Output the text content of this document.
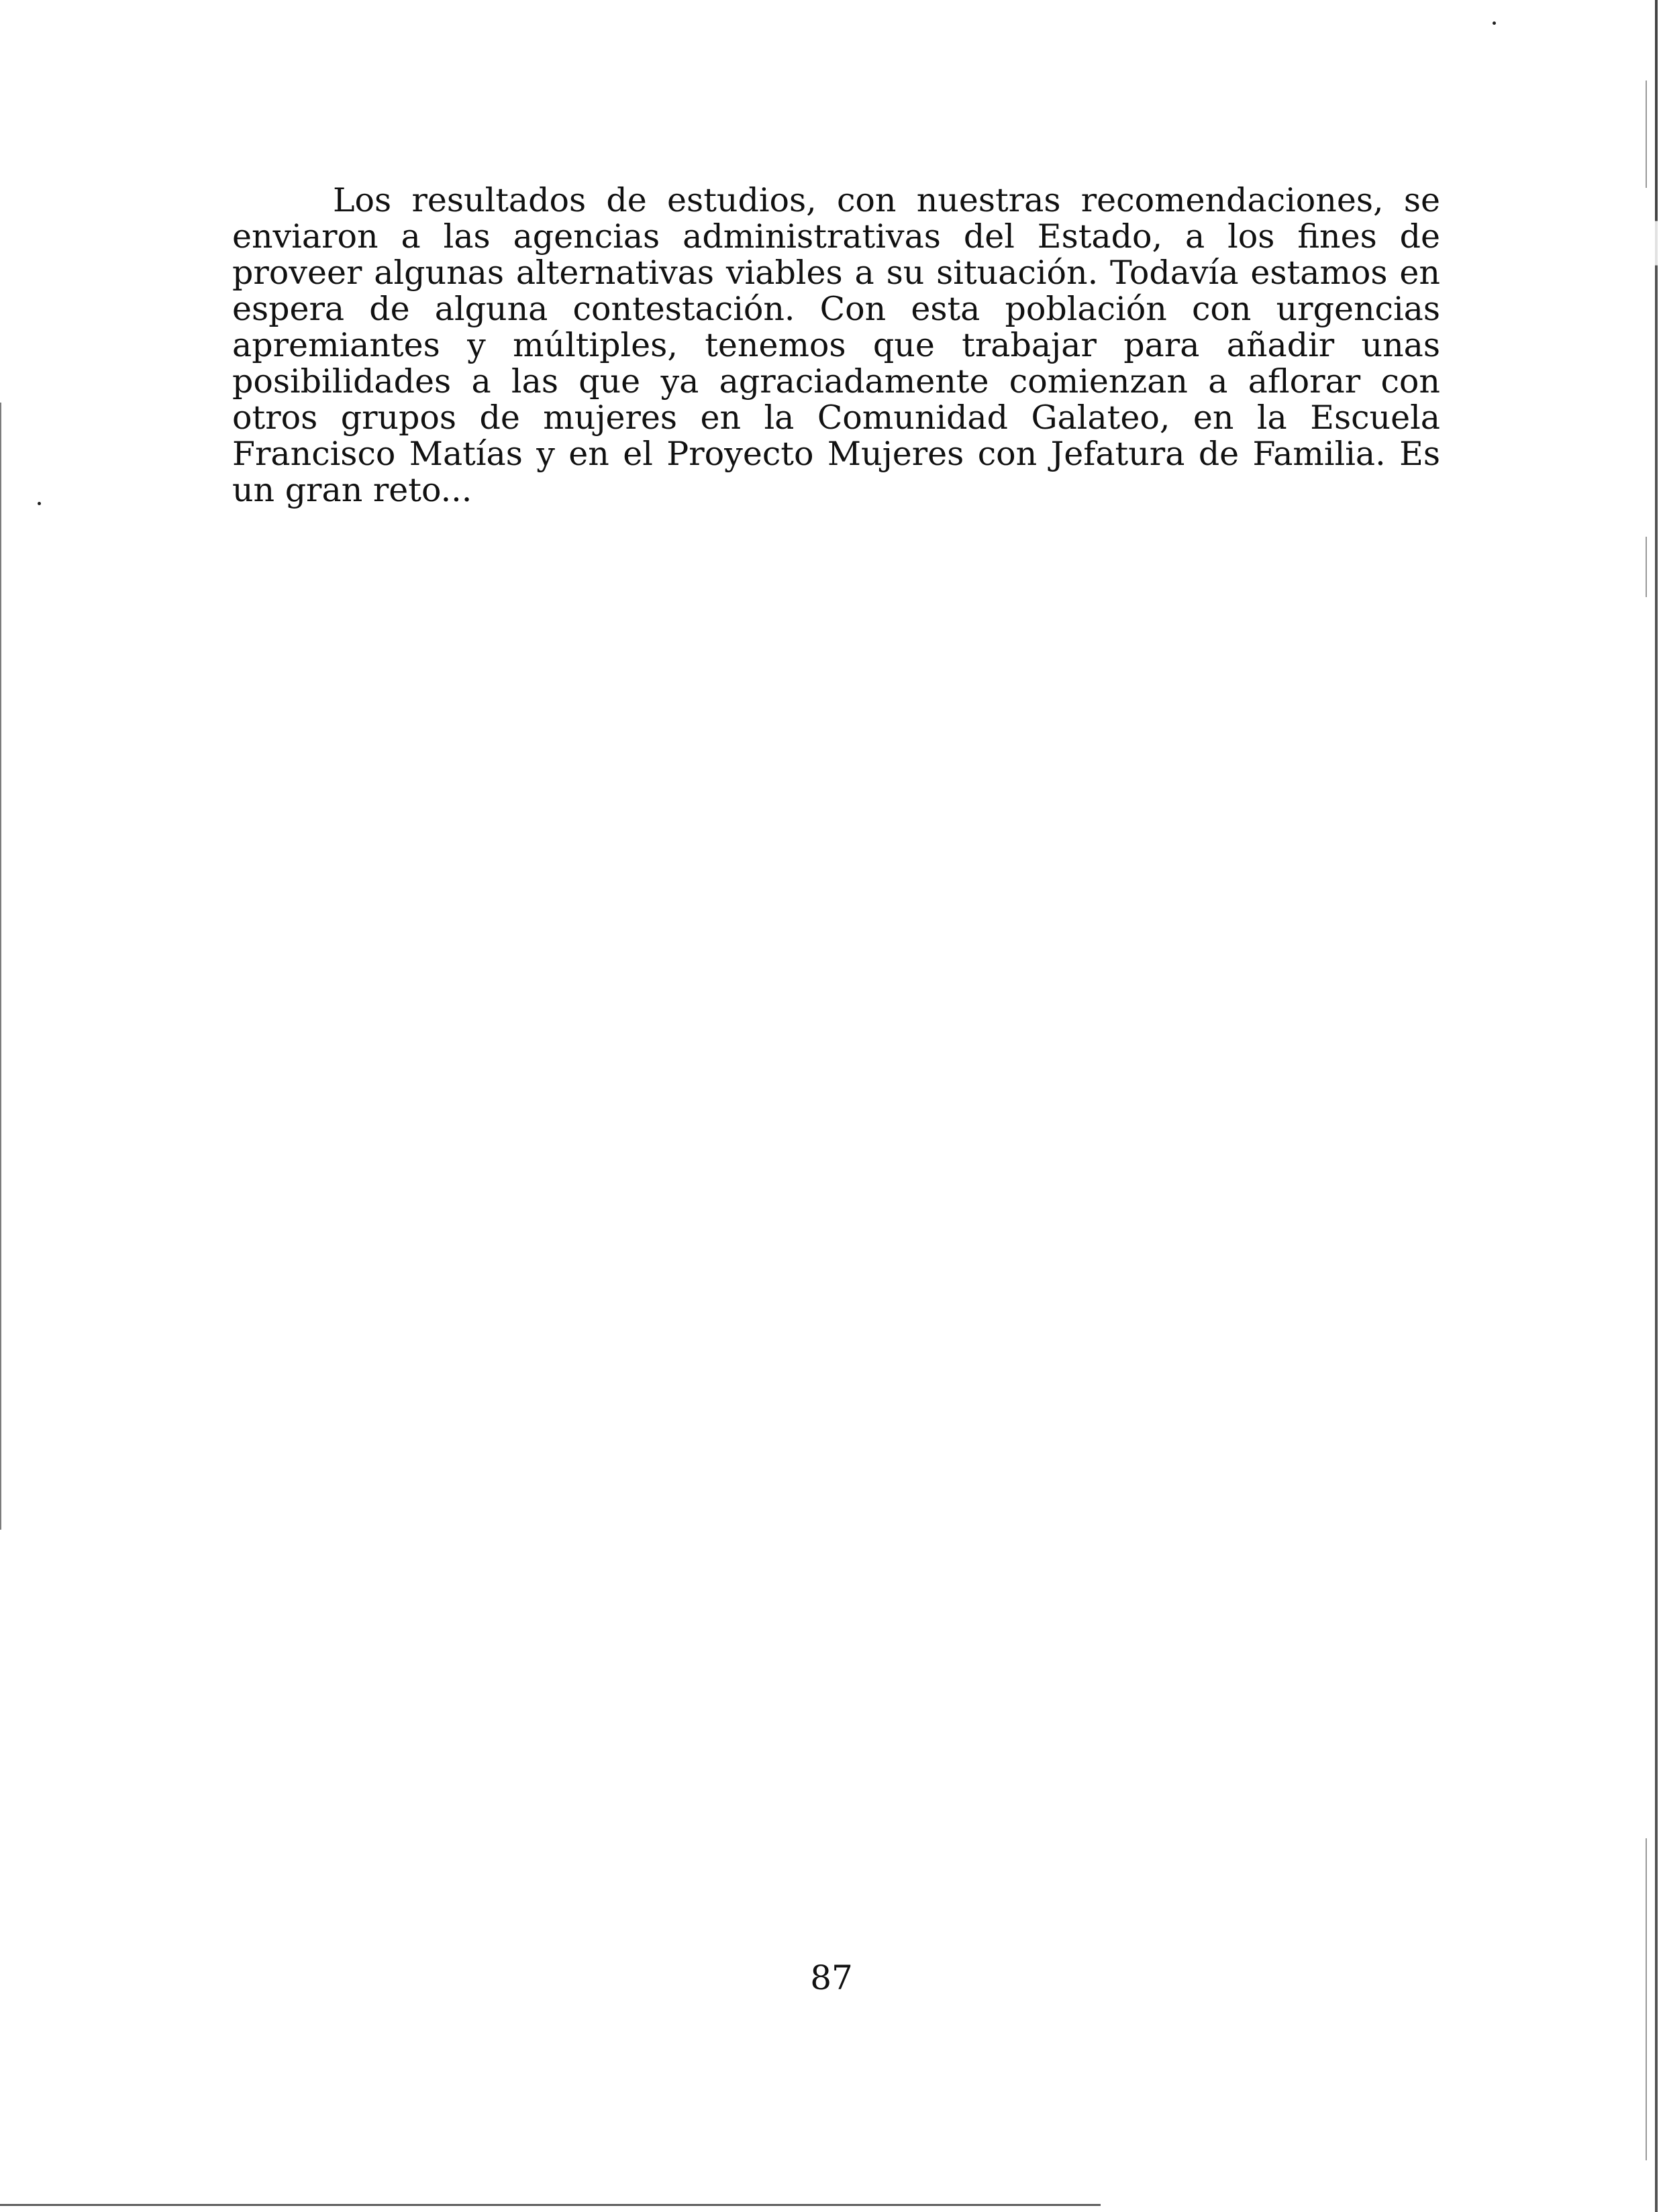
Los resultados de estudios, con nuestras recomendaciones, se
enviaron a las agencias administrativas del Estado, a los fines de
proveer algunas alternativas viables a su situación. Todavía estamos en
espera de alguna contestación. Con esta población con urgencias
apremiantes y múltiples, tenemos que trabajar para añadir unas
posibilidades a las que ya agraciadamente comienzan a aflorar con
otros grupos de mujeres en la Comunidad Galateo, en la Escuela
Francisco Matías y en el Proyecto Mujeres con Jefatura de Familia. Es
un gran reto...
87
